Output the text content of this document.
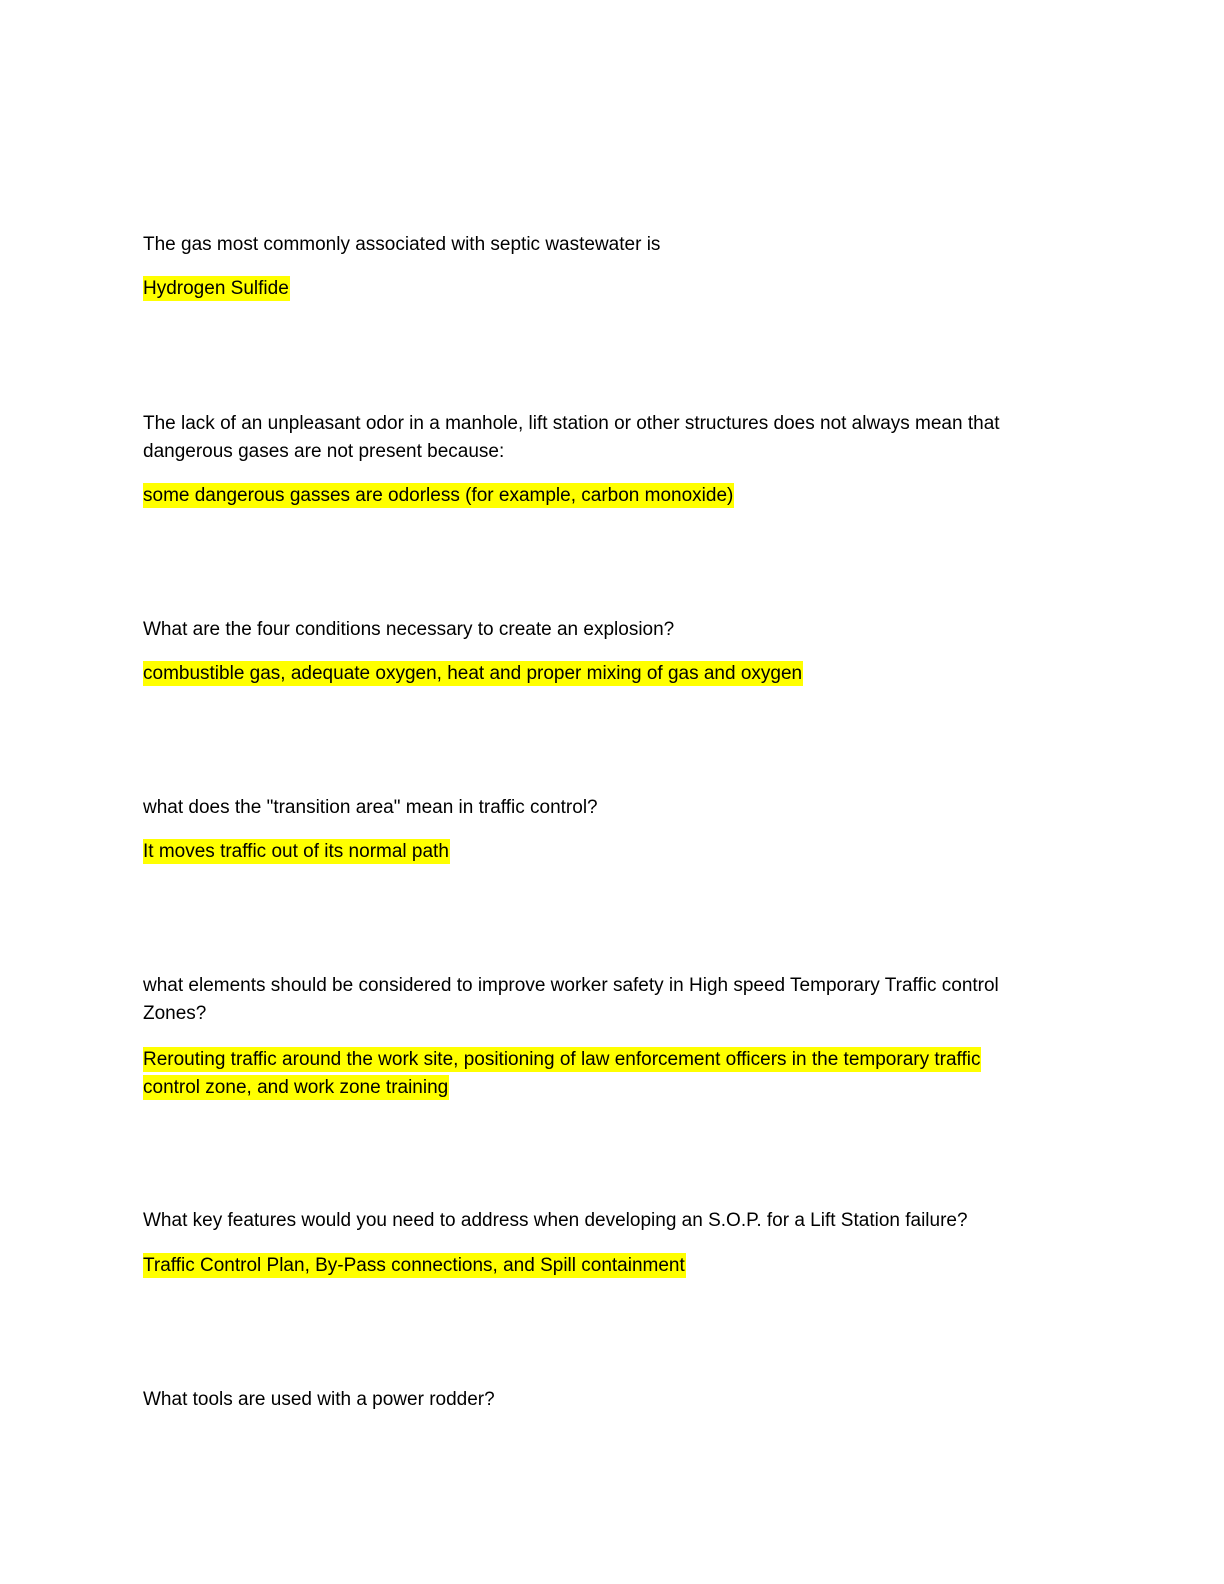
The gas most commonly associated with septic wastewater is
Hydrogen Sulfide
The lack of an unpleasant odor in a manhole, lift station or other structures does not always mean that
dangerous gases are not present because:
some dangerous gasses are odorless (for example, carbon monoxide)
What are the four conditions necessary to create an explosion?
combustible gas, adequate oxygen, heat and proper mixing of gas and oxygen
what does the "transition area" mean in traffic control?
It moves traffic out of its normal path
what elements should be considered to improve worker safety in High speed Temporary Traffic control
Zones?
Rerouting traffic around the work site, positioning of law enforcement officers in the temporary traffic
control zone, and work zone training
What key features would you need to address when developing an S.O.P. for a Lift Station failure?
Traffic Control Plan, By-Pass connections, and Spill containment
What tools are used with a power rodder?
